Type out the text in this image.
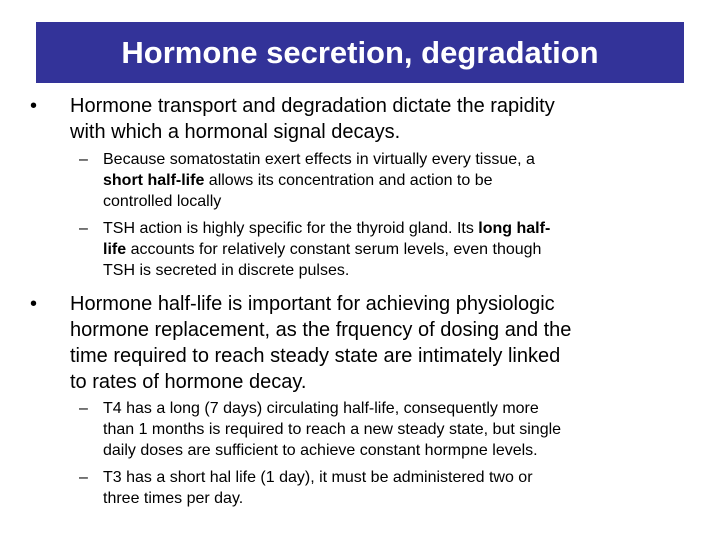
Hormone secretion, degradation
• Hormone transport and degradation dictate the rapidity
with which a hormonal signal decays.
– Because somatostatin exert effects in virtually every tissue, a
short half-life allows its concentration and action to be
controlled locally
– TSH action is highly specific for the thyroid gland. Its long half-
life accounts for relatively constant serum levels, even though
TSH is secreted in discrete pulses.
• Hormone half-life is important for achieving physiologic
hormone replacement, as the frquency of dosing and the
time required to reach steady state are intimately linked
to rates of hormone decay.
– T4 has a long (7 days) circulating half-life, consequently more
than 1 months is required to reach a new steady state, but single
daily doses are sufficient to achieve constant hormpne levels.
– T3 has a short hal life (1 day), it must be administered two or
three times per day.
